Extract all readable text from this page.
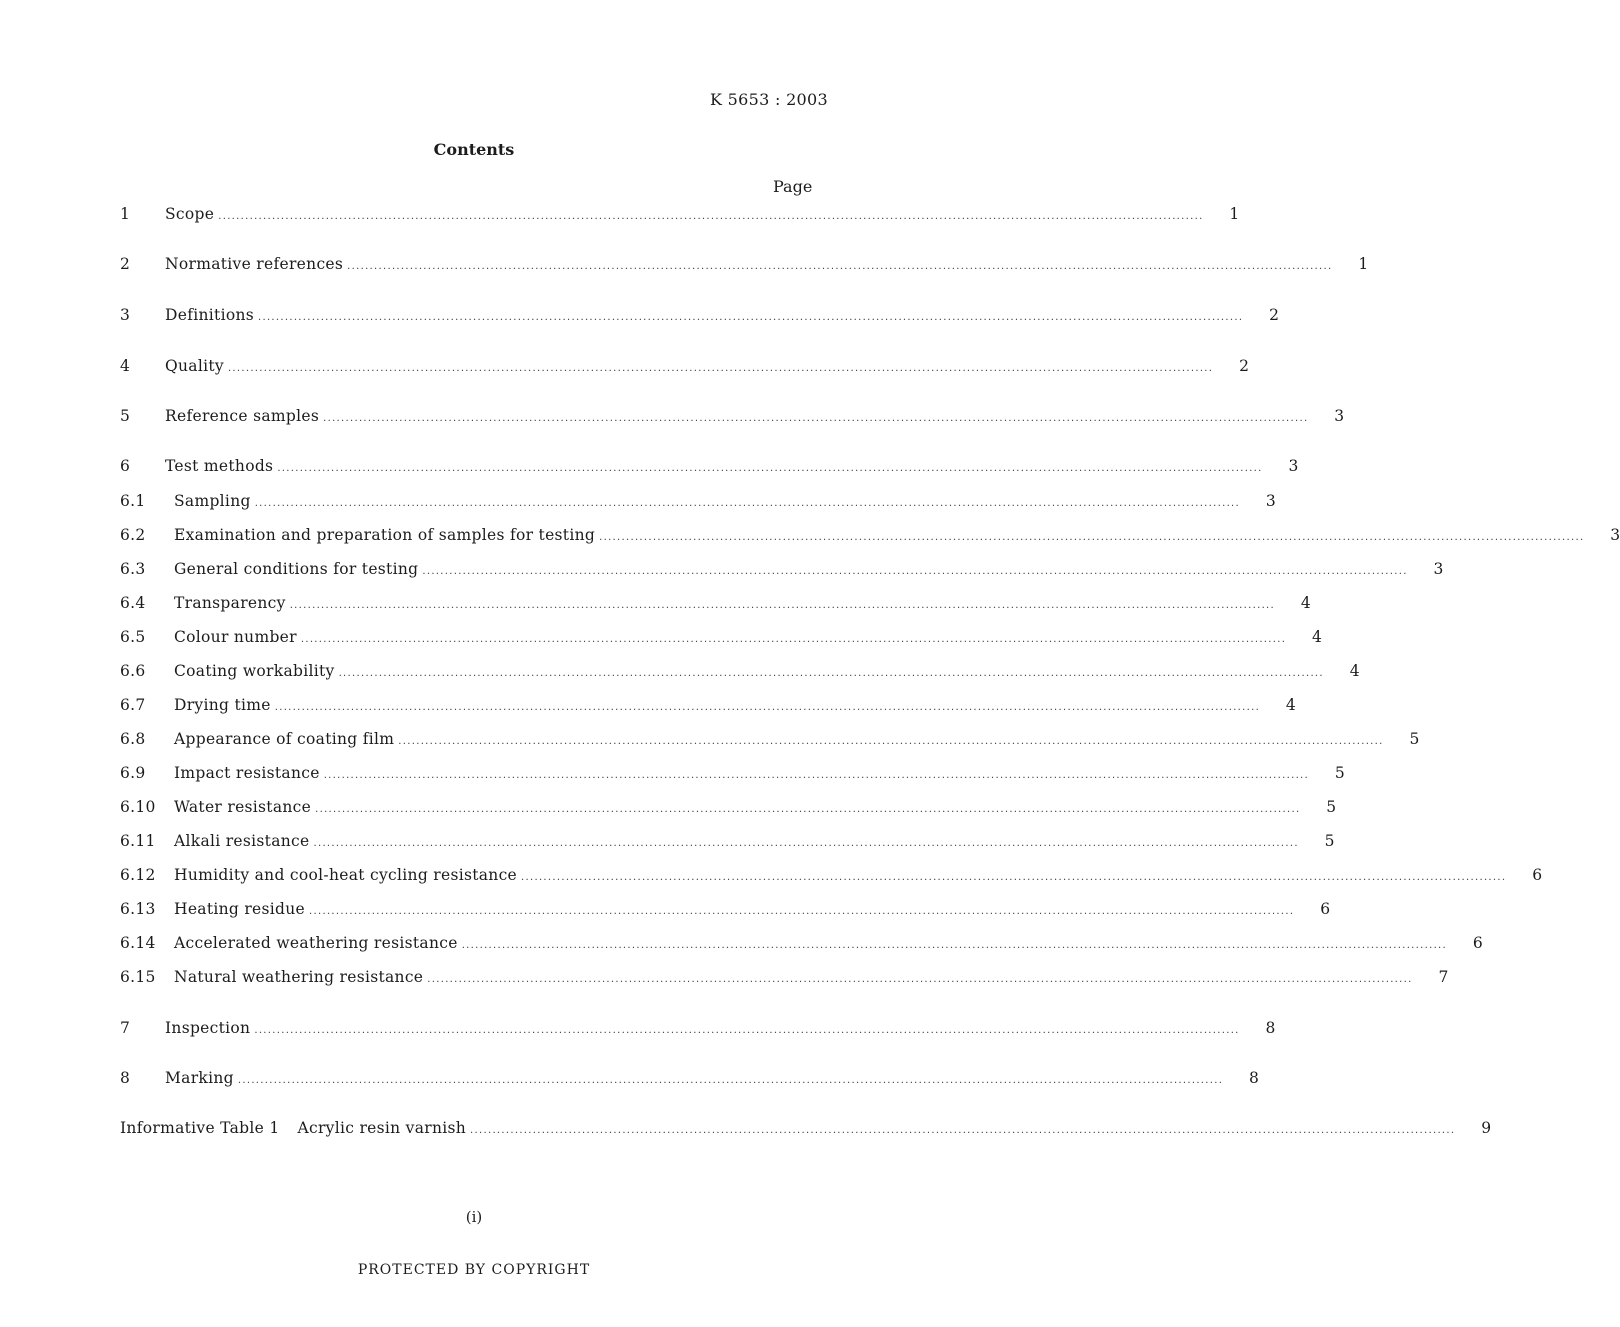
K 5653 : 2003
Contents
Page
1	Scope ............................................................................................................................................................................................................................	1
2	Normative references ............................................................................................................................................................................................................................	1
3	Definitions ............................................................................................................................................................................................................................	2
4	Quality ............................................................................................................................................................................................................................	2
5	Reference samples ............................................................................................................................................................................................................................	3
6	Test methods ............................................................................................................................................................................................................................	3
6.1	Sampling ............................................................................................................................................................................................................................	3
6.2	Examination and preparation of samples for testing ............................................................................................................................................................................................................................	3
6.3	General conditions for testing ............................................................................................................................................................................................................................	3
6.4	Transparency ............................................................................................................................................................................................................................	4
6.5	Colour number ............................................................................................................................................................................................................................	4
6.6	Coating workability ............................................................................................................................................................................................................................	4
6.7	Drying time ............................................................................................................................................................................................................................	4
6.8	Appearance of coating film ............................................................................................................................................................................................................................	5
6.9	Impact resistance ............................................................................................................................................................................................................................	5
6.10	Water resistance ............................................................................................................................................................................................................................	5
6.11	Alkali resistance ............................................................................................................................................................................................................................	5
6.12	Humidity and cool-heat cycling resistance ............................................................................................................................................................................................................................	6
6.13	Heating residue ............................................................................................................................................................................................................................	6
6.14	Accelerated weathering resistance ............................................................................................................................................................................................................................	6
6.15	Natural weathering resistance ............................................................................................................................................................................................................................	7
7	Inspection ............................................................................................................................................................................................................................	8
8	Marking ............................................................................................................................................................................................................................	8
Informative Table 1 Acrylic resin varnish ............................................................................................................................................................................................................................	9
(i)
PROTECTED BY COPYRIGHT
